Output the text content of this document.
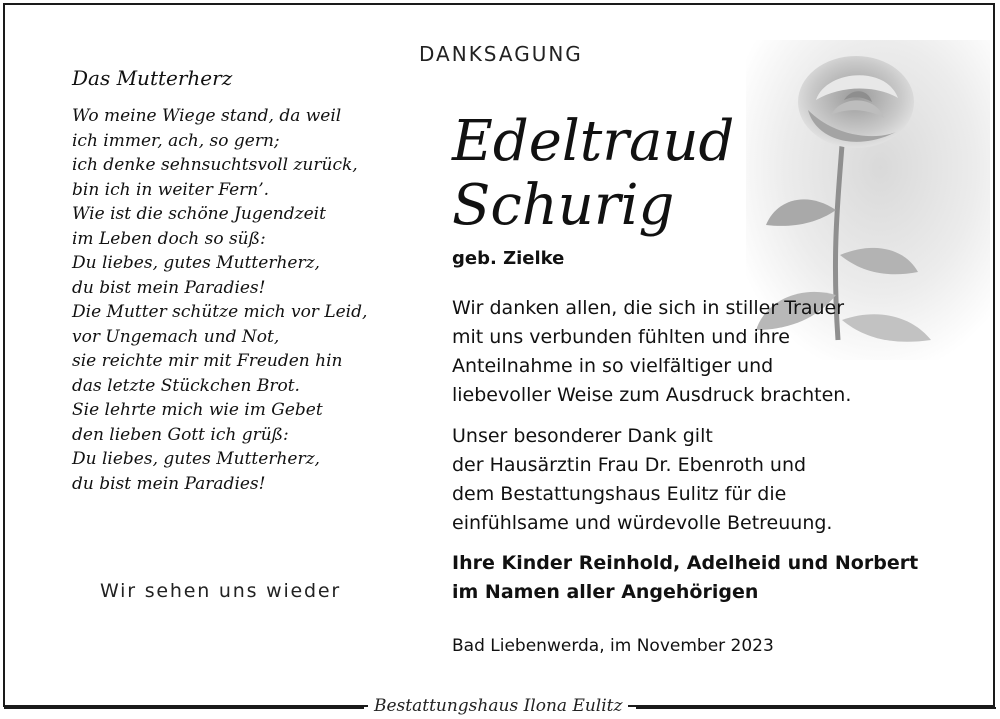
DANKSAGUNG
Das Mutterherz
Wo meine Wiege stand, da weil
ich immer, ach, so gern;
ich denke sehnsuchtsvoll zurück,
bin ich in weiter Fern’.
Wie ist die schöne Jugendzeit
im Leben doch so süß:
Du liebes, gutes Mutterherz,
du bist mein Paradies!
Die Mutter schütze mich vor Leid,
vor Ungemach und Not,
sie reichte mir mit Freuden hin
das letzte Stückchen Brot.
Sie lehrte mich wie im Gebet
den lieben Gott ich grüß:
Du liebes, gutes Mutterherz,
du bist mein Paradies!
Wir sehen uns wieder
Edeltraud
Schurig
geb. Zielke
Wir danken allen, die sich in stiller Trauer
mit uns verbunden fühlten und ihre
Anteilnahme in so vielfältiger und
liebevoller Weise zum Ausdruck brachten.
Unser besonderer Dank gilt
der Hausärztin Frau Dr. Ebenroth und
dem Bestattungshaus Eulitz für die
einfühlsame und würdevolle Betreuung.
Ihre Kinder Reinhold, Adelheid und Norbert
im Namen aller Angehörigen
Bad Liebenwerda, im November 2023
Bestattungshaus Ilona Eulitz
